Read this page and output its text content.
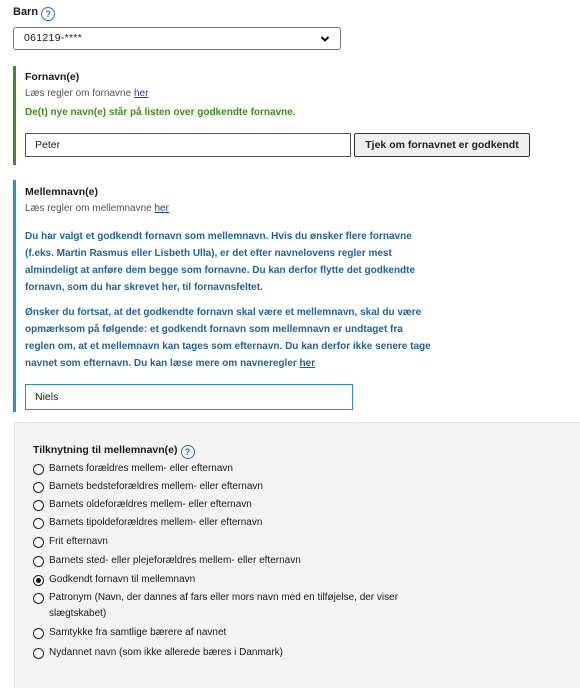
Barn ?
061219-****
Fornavn(e)
Læs regler om fornavne her
De(t) nye navn(e) står på listen over godkendte fornavne.
Peter	Tjek om fornavnet er godkendt
Mellemnavn(e)
Læs regler om mellemnavne her
Du har valgt et godkendt fornavn som mellemnavn. Hvis du ønsker flere fornavne
(f.eks. Martin Rasmus eller Lisbeth Ulla), er det efter navnelovens regler mest
almindeligt at anføre dem begge som fornavne. Du kan derfor flytte det godkendte
fornavn, som du har skrevet her, til fornavnsfeltet.
Ønsker du fortsat, at det godkendte fornavn skal være et mellemnavn, skal du være
opmærksom på følgende: et godkendt fornavn som mellemnavn er undtaget fra
reglen om, at et mellemnavn kan tages som efternavn. Du kan derfor ikke senere tage
navnet som efternavn. Du kan læse mere om navneregler her
Niels
Tilknytning til mellemnavn(e) ?
Barnets forældres mellem- eller efternavn
Barnets bedsteforældres mellem- eller efternavn
Barnets oldeforældres mellem- eller efternavn
Barnets tipoldeforældres mellem- eller efternavn
Frit efternavn
Barnets sted- eller plejeforældres mellem- eller efternavn
Godkendt fornavn til mellemnavn
Patronym (Navn, der dannes af fars eller mors navn med en tilføjelse, der viser
slægtskabet)
Samtykke fra samtlige bærere af navnet
Nydannet navn (som ikke allerede bæres i Danmark)
